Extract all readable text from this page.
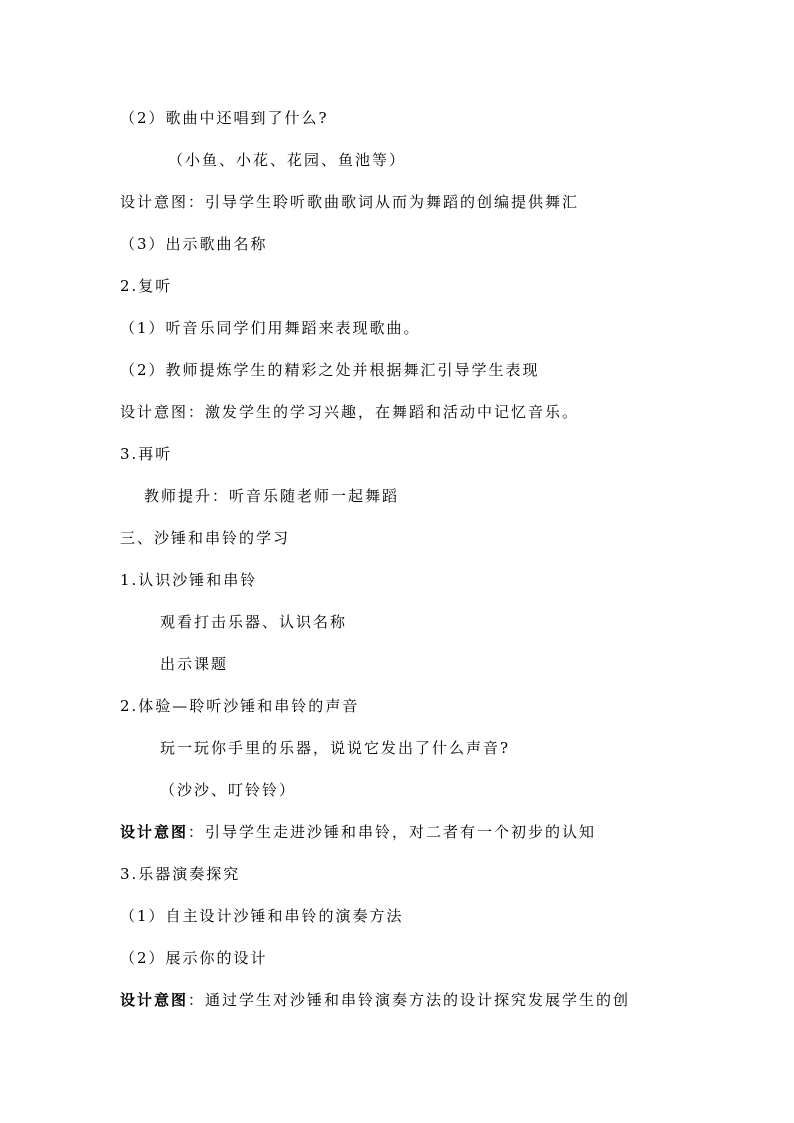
（2）歌曲中还唱到了什么?
（小鱼、小花、花园、鱼池等）
设计意图：引导学生聆听歌曲歌词从而为舞蹈的创编提供舞汇
（3）出示歌曲名称
2.复听
（1）听音乐同学们用舞蹈来表现歌曲。
（2）教师提炼学生的精彩之处并根据舞汇引导学生表现
设计意图：激发学生的学习兴趣，在舞蹈和活动中记忆音乐。
3.再听
教师提升：听音乐随老师一起舞蹈
三、沙锤和串铃的学习
1.认识沙锤和串铃
观看打击乐器、认识名称
出示课题
2.体验—聆听沙锤和串铃的声音
玩一玩你手里的乐器，说说它发出了什么声音?
（沙沙、叮铃铃）
设计意图：引导学生走进沙锤和串铃，对二者有一个初步的认知
3.乐器演奏探究
（1）自主设计沙锤和串铃的演奏方法
（2）展示你的设计
设计意图：通过学生对沙锤和串铃演奏方法的设计探究发展学生的创
